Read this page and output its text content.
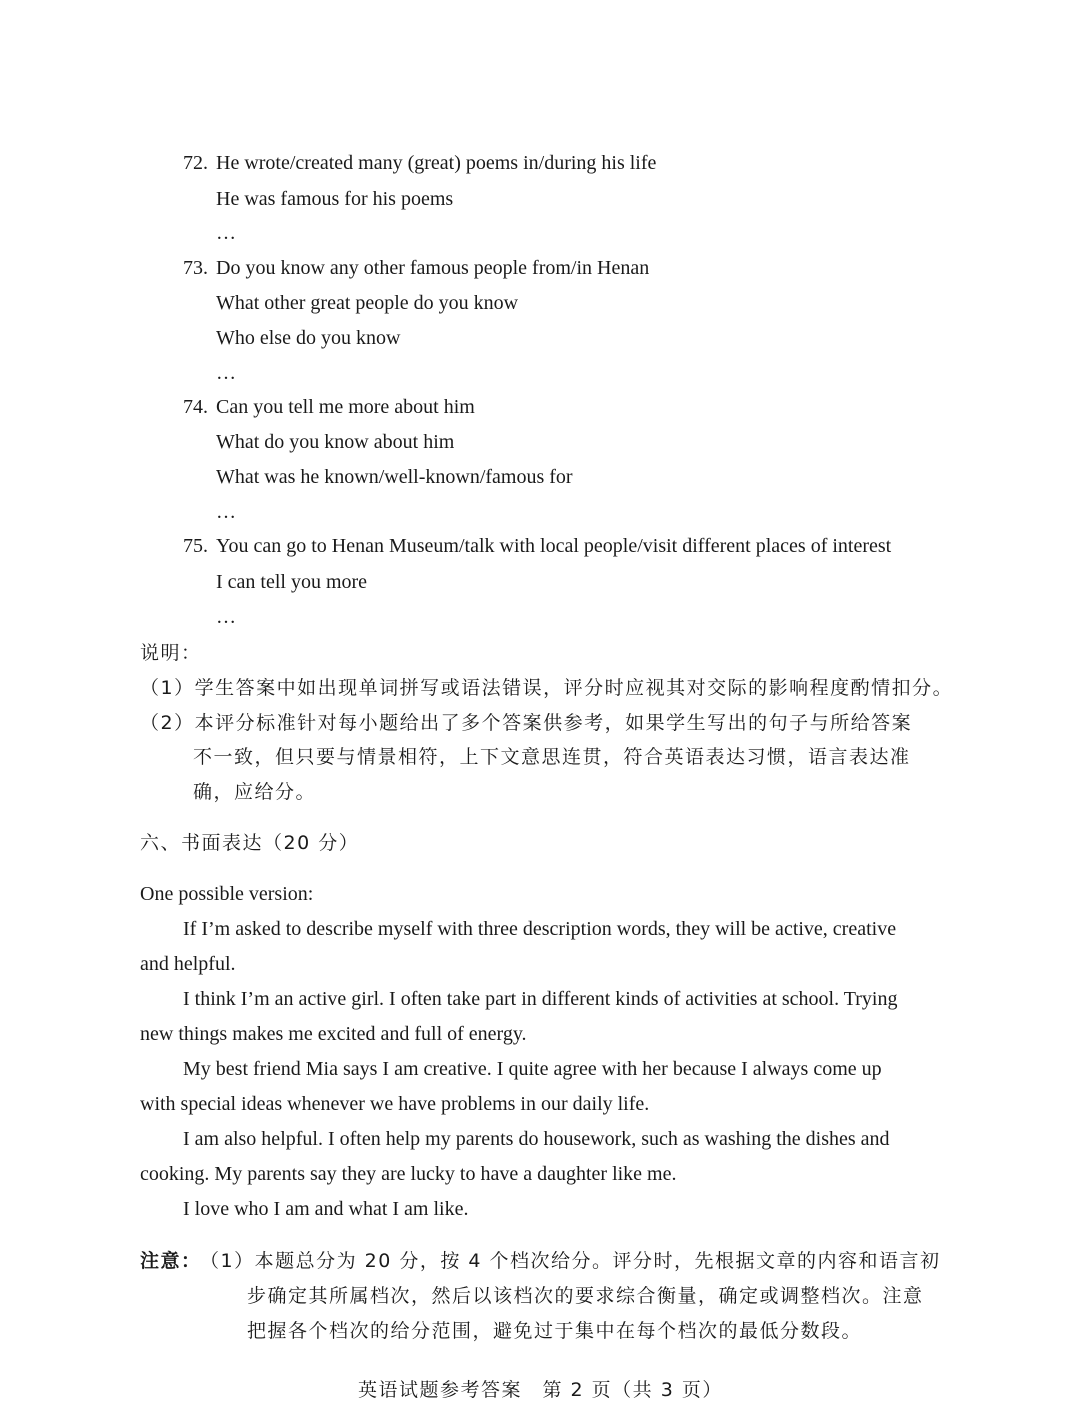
72. He wrote/created many (great) poems in/during his life
He was famous for his poems
…
73. Do you know any other famous people from/in Henan
What other great people do you know
Who else do you know
…
74. Can you tell me more about him
What do you know about him
What was he known/well-known/famous for
…
75. You can go to Henan Museum/talk with local people/visit different places of interest
I can tell you more
…
说明：
（1）学生答案中如出现单词拼写或语法错误，评分时应视其对交际的影响程度酌情扣分。
（2）本评分标准针对每小题给出了多个答案供参考，如果学生写出的句子与所给答案
不一致，但只要与情景相符，上下文意思连贯，符合英语表达习惯，语言表达准
确，应给分。
六、书面表达（20 分）
One possible version:
If I’m asked to describe myself with three description words, they will be active, creative
and helpful.
I think I’m an active girl. I often take part in different kinds of activities at school. Trying
new things makes me excited and full of energy.
My best friend Mia says I am creative. I quite agree with her because I always come up
with special ideas whenever we have problems in our daily life.
I am also helpful. I often help my parents do housework, such as washing the dishes and
cooking. My parents say they are lucky to have a daughter like me.
I love who I am and what I am like.
注意：
（1）本题总分为 20 分，按 4 个档次给分。评分时，先根据文章的内容和语言初
步确定其所属档次，然后以该档次的要求综合衡量，确定或调整档次。注意
把握各个档次的给分范围，避免过于集中在每个档次的最低分数段。
英语试题参考答案　第 2 页（共 3 页）
